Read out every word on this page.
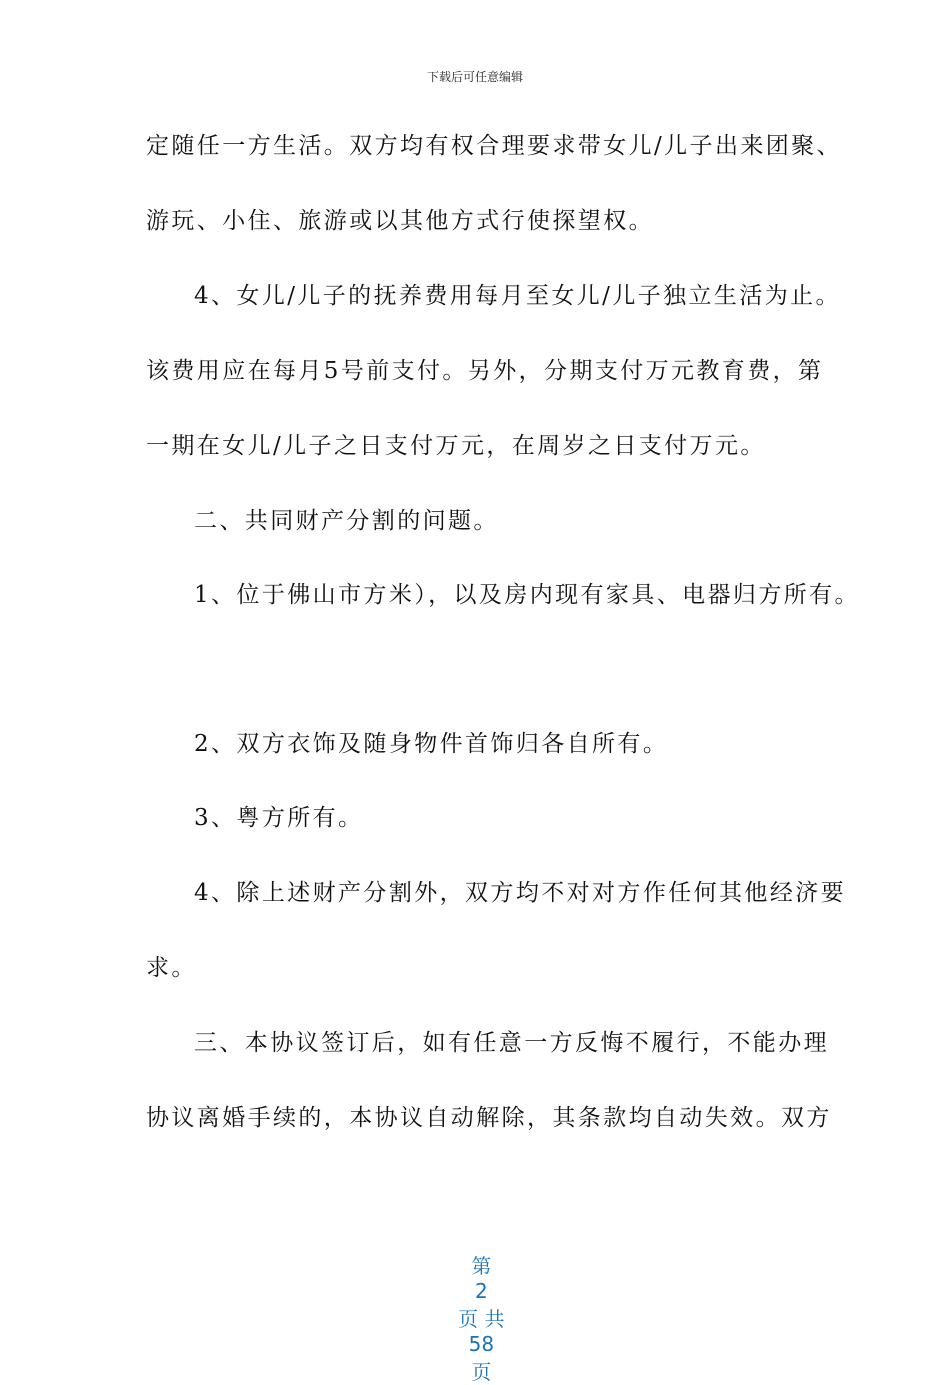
下载后可任意编辑
定随任一方生活。双方均有权合理要求带女儿/儿子出来团聚、
游玩、小住、旅游或以其他方式行使探望权。
4、女儿/儿子的抚养费用每月至女儿/儿子独立生活为止。
该费用应在每月5号前支付。另外，分期支付万元教育费，第
一期在女儿/儿子之日支付万元，在周岁之日支付万元。
二、共同财产分割的问题。
1、位于佛山市方米），以及房内现有家具、电器归方所有。
2、双方衣饰及随身物件首饰归各自所有。
3、粤方所有。
4、除上述财产分割外，双方均不对对方作任何其他经济要
求。
三、本协议签订后，如有任意一方反悔不履行，不能办理
协议离婚手续的，本协议自动解除，其条款均自动失效。双方

第
2
页 共
58
页
